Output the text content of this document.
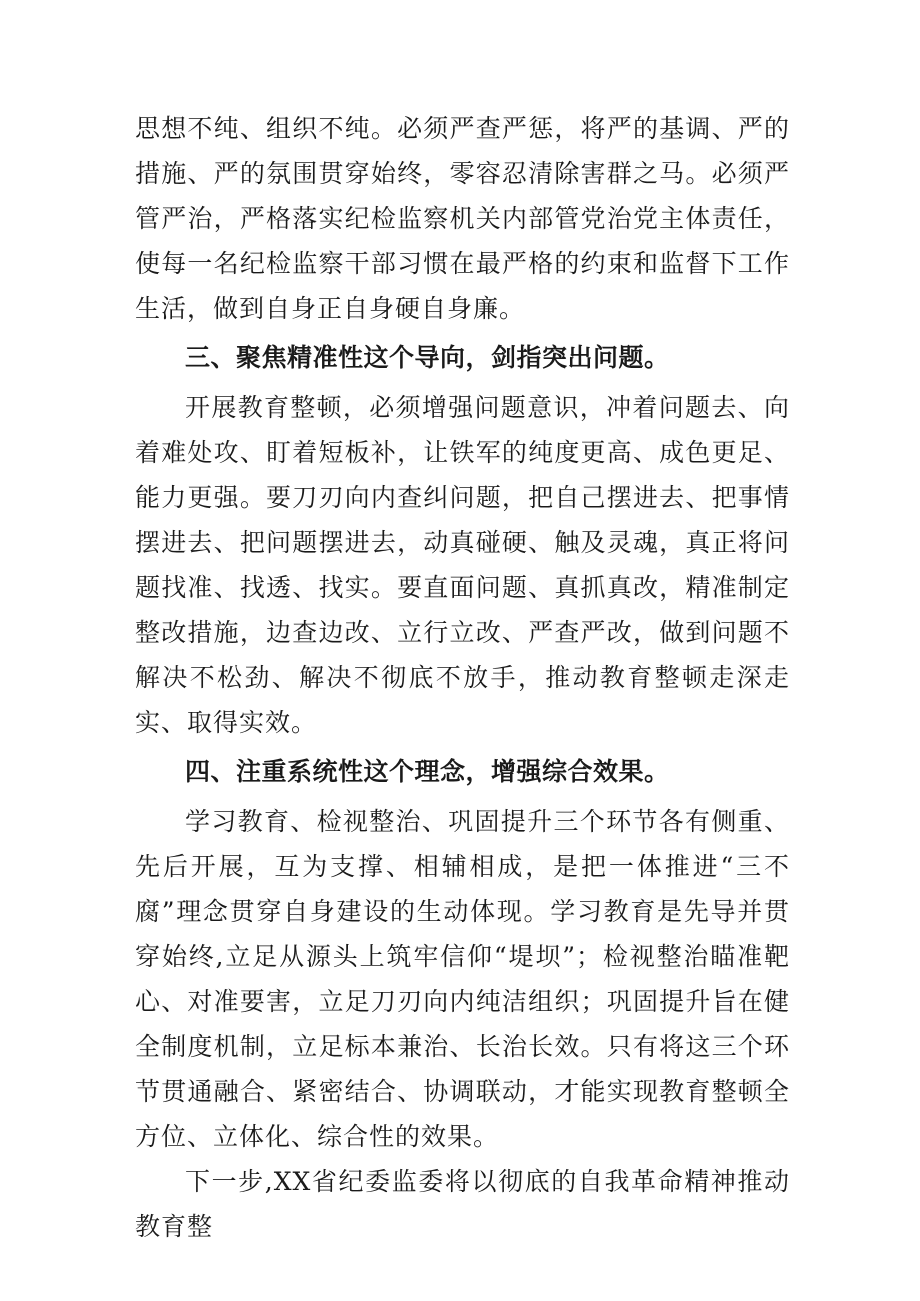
思想不纯、组织不纯。必须严查严惩，将严的基调、严的措施、严的氛围贯穿始终，零容忍清除害群之马。必须严管严治，严格落实纪检监察机关内部管党治党主体责任，使每一名纪检监察干部习惯在最严格的约束和监督下工作生活，做到自身正自身硬自身廉。

三、聚焦精准性这个导向，剑指突出问题。

开展教育整顿，必须增强问题意识，冲着问题去、向着难处攻、盯着短板补，让铁军的纯度更高、成色更足、能力更强。要刀刃向内查纠问题，把自己摆进去、把事情摆进去、把问题摆进去，动真碰硬、触及灵魂，真正将问题找准、找透、找实。要直面问题、真抓真改，精准制定整改措施，边查边改、立行立改、严查严改，做到问题不解决不松劲、解决不彻底不放手，推动教育整顿走深走实、取得实效。

四、注重系统性这个理念，增强综合效果。

学习教育、检视整治、巩固提升三个环节各有侧重、先后开展，互为支撑、相辅相成，是把一体推进“三不腐”理念贯穿自身建设的生动体现。学习教育是先导并贯穿始终,立足从源头上筑牢信仰“堤坝”；检视整治瞄准靶心、对准要害，立足刀刃向内纯洁组织；巩固提升旨在健全制度机制，立足标本兼治、长治长效。只有将这三个环节贯通融合、紧密结合、协调联动，才能实现教育整顿全方位、立体化、综合性的效果。

下一步,XX省纪委监委将以彻底的自我革命精神推动教育整
